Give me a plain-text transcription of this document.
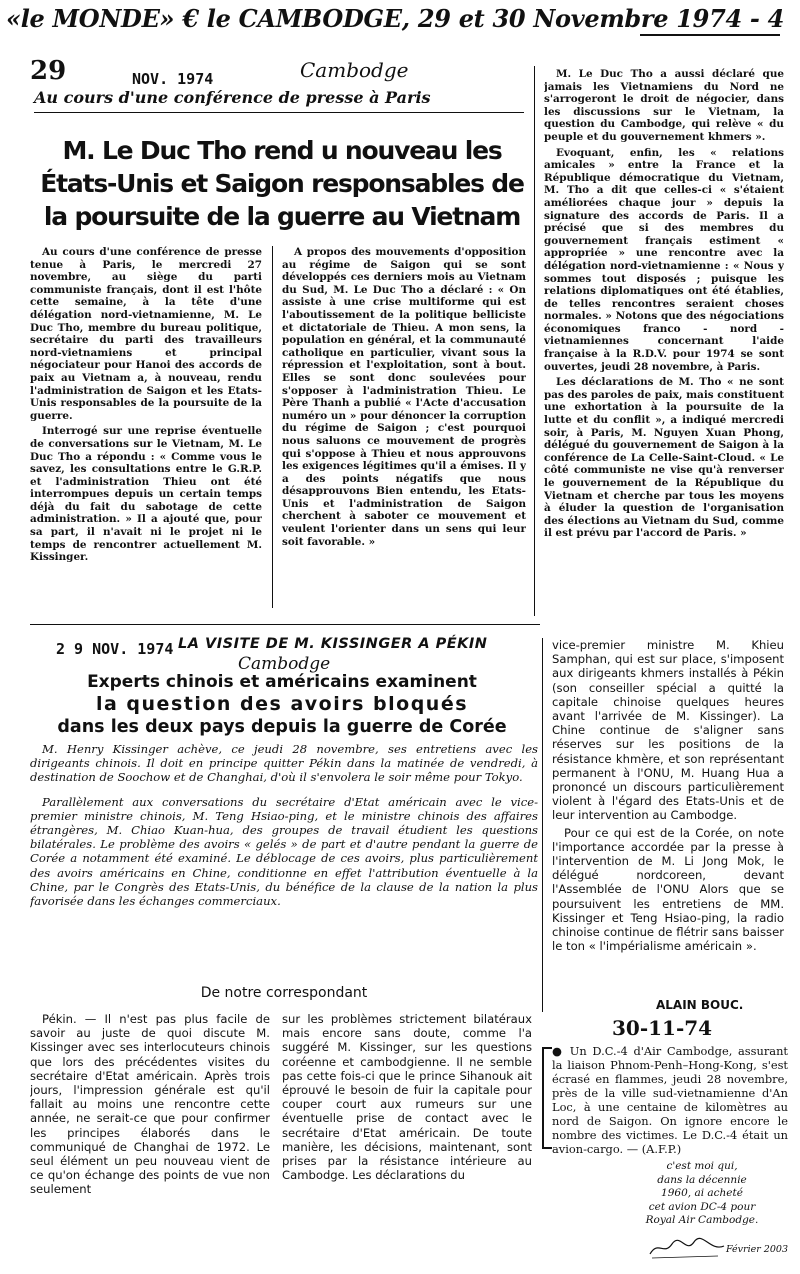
«le MONDE» € le CAMBODGE, 29 et 30 Novembre 1974 - 4
29	NOV. 1974	Cambodge
Au cours d'une conférence de presse à Paris
M. Le Duc Tho rend u nouveau les États-Unis et Saigon responsables de la poursuite de la guerre au Vietnam

Au cours d'une conférence de presse tenue à Paris, le mercredi 27 novembre, au siège du parti communiste français, dont il est l'hôte cette semaine, à la tête d'une délégation nord-vietnamienne, M. Le Duc Tho, membre du bureau politique, secrétaire du parti des travailleurs nord-vietnamiens et principal négociateur pour Hanoi des accords de paix au Vietnam a, à nouveau, rendu l'administration de Saigon et les Etats-Unis responsables de la poursuite de la guerre.

Interrogé sur une reprise éventuelle de conversations sur le Vietnam, M. Le Duc Tho a répondu : « Comme vous le savez, les consultations entre le G.R.P. et l'administration Thieu ont été interrompues depuis un certain temps déjà du fait du sabotage de cette administration. » Il a ajouté que, pour sa part, il n'avait ni le projet ni le temps de rencontrer actuellement M. Kissinger.

A propos des mouvements d'opposition au régime de Saigon qui se sont développés ces derniers mois au Vietnam du Sud, M. Le Duc Tho a déclaré : « On assiste à une crise multiforme qui est l'aboutissement de la politique belliciste et dictatoriale de Thieu. A mon sens, la population en général, et la communauté catholique en particulier, vivant sous la répression et l'exploitation, sont à bout. Elles se sont donc soulevées pour s'opposer à l'administration Thieu. Le Père Thanh a publié « l'Acte d'accusation numéro un » pour dénoncer la corruption du régime de Saigon ; c'est pourquoi nous saluons ce mouvement de progrès qui s'oppose à Thieu et nous approuvons les exigences légitimes qu'il a émises. Il y a des points négatifs que nous désapprouvons Bien entendu, les Etats-Unis et l'administration de Saigon cherchent à saboter ce mouvement et veulent l'orienter dans un sens qui leur soit favorable. »

M. Le Duc Tho a aussi déclaré que jamais les Vietnamiens du Nord ne s'arrogeront le droit de négocier, dans les discussions sur le Vietnam, la question du Cambodge, qui relève « du peuple et du gouvernement khmers ».

Evoquant, enfin, les « relations amicales » entre la France et la République démocratique du Vietnam, M. Tho a dit que celles-ci « s'étaient améliorées chaque jour » depuis la signature des accords de Paris. Il a précisé que si des membres du gouvernement français estiment « appropriée » une rencontre avec la délégation nord-vietnamienne : « Nous y sommes tout disposés ; puisque les relations diplomatiques ont été établies, de telles rencontres seraient choses normales. » Notons que des négociations économiques franco - nord - vietnamiennes concernant l'aide française à la R.D.V. pour 1974 se sont ouvertes, jeudi 28 novembre, à Paris.

Les déclarations de M. Tho « ne sont pas des paroles de paix, mais constituent une exhortation à la poursuite de la lutte et du conflit », a indiqué mercredi soir, à Paris, M. Nguyen Xuan Phong, délégué du gouvernement de Saigon à la conférence de La Celle-Saint-Cloud. « Le côté communiste ne vise qu'à renverser le gouvernement de la République du Vietnam et cherche par tous les moyens à éluder la question de l'organisation des élections au Vietnam du Sud, comme il est prévu par l'accord de Paris. »

2 9 NOV. 1974 LA VISITE DE M. KISSINGER A PÉKIN
Cambodge
Experts chinois et américains examinent
la question des avoirs bloqués
dans les deux pays depuis la guerre de Corée

M. Henry Kissinger achève, ce jeudi 28 novembre, ses entretiens avec les dirigeants chinois. Il doit en principe quitter Pékin dans la matinée de vendredi, à destination de Soochow et de Changhai, d'où il s'envolera le soir même pour Tokyo.

Parallèlement aux conversations du secrétaire d'Etat américain avec le vice-premier ministre chinois, M. Teng Hsiao-ping, et le ministre chinois des affaires étrangères, M. Chiao Kuan-hua, des groupes de travail étudient les questions bilatérales. Le problème des avoirs « gelés » de part et d'autre pendant la guerre de Corée a notamment été examiné. Le déblocage de ces avoirs, plus particulièrement des avoirs américains en Chine, conditionne en effet l'attribution éventuelle à la Chine, par le Congrès des Etats-Unis, du bénéfice de la clause de la nation la plus favorisée dans les échanges commerciaux.

De notre correspondant

Pékin. — Il n'est pas plus facile de savoir au juste de quoi discute M. Kissinger avec ses interlocuteurs chinois que lors des précédentes visites du secrétaire d'Etat américain. Après trois jours, l'impression générale est qu'il fallait au moins une rencontre cette année, ne serait-ce que pour confirmer les principes élaborés dans le communiqué de Changhai de 1972. Le seul élément un peu nouveau vient de ce qu'on échange des points de vue non seulement

sur les problèmes strictement bilatéraux mais encore sans doute, comme l'a suggéré M. Kissinger, sur les questions coréenne et cambodgienne. Il ne semble pas cette fois-ci que le prince Sihanouk ait éprouvé le besoin de fuir la capitale pour couper court aux rumeurs sur une éventuelle prise de contact avec le secrétaire d'Etat américain. De toute manière, les décisions, maintenant, sont prises par la résistance intérieure au Cambodge. Les déclarations du

vice-premier ministre M. Khieu Samphan, qui est sur place, s'imposent aux dirigeants khmers installés à Pékin (son conseiller spécial a quitté la capitale chinoise quelques heures avant l'arrivée de M. Kissinger). La Chine continue de s'aligner sans réserves sur les positions de la résistance khmère, et son représentant permanent à l'ONU, M. Huang Hua a prononcé un discours particulièrement violent à l'égard des Etats-Unis et de leur intervention au Cambodge.

Pour ce qui est de la Corée, on note l'importance accordée par la presse à l'intervention de M. Li Jong Mok, le délégué nordcoreen, devant l'Assemblée de l'ONU Alors que se poursuivent les entretiens de MM. Kissinger et Teng Hsiao-ping, la radio chinoise continue de flétrir sans baisser le ton « l'impérialisme américain ».

ALAIN BOUC.
30-11-74

● Un D.C.-4 d'Air Cambodge, assurant la liaison Phnom-Penh–Hong-Kong, s'est écrasé en flammes, jeudi 28 novembre, près de la ville sud-vietnamienne d'An Loc, à une centaine de kilomètres au nord de Saigon. On ignore encore le nombre des victimes. Le D.C.-4 était un avion-cargo. — (A.F.P.)

c'est moi qui,
dans la décennie
1960, ai acheté
cet avion DC-4 pour
Royal Air Cambodge.
Février 2003
